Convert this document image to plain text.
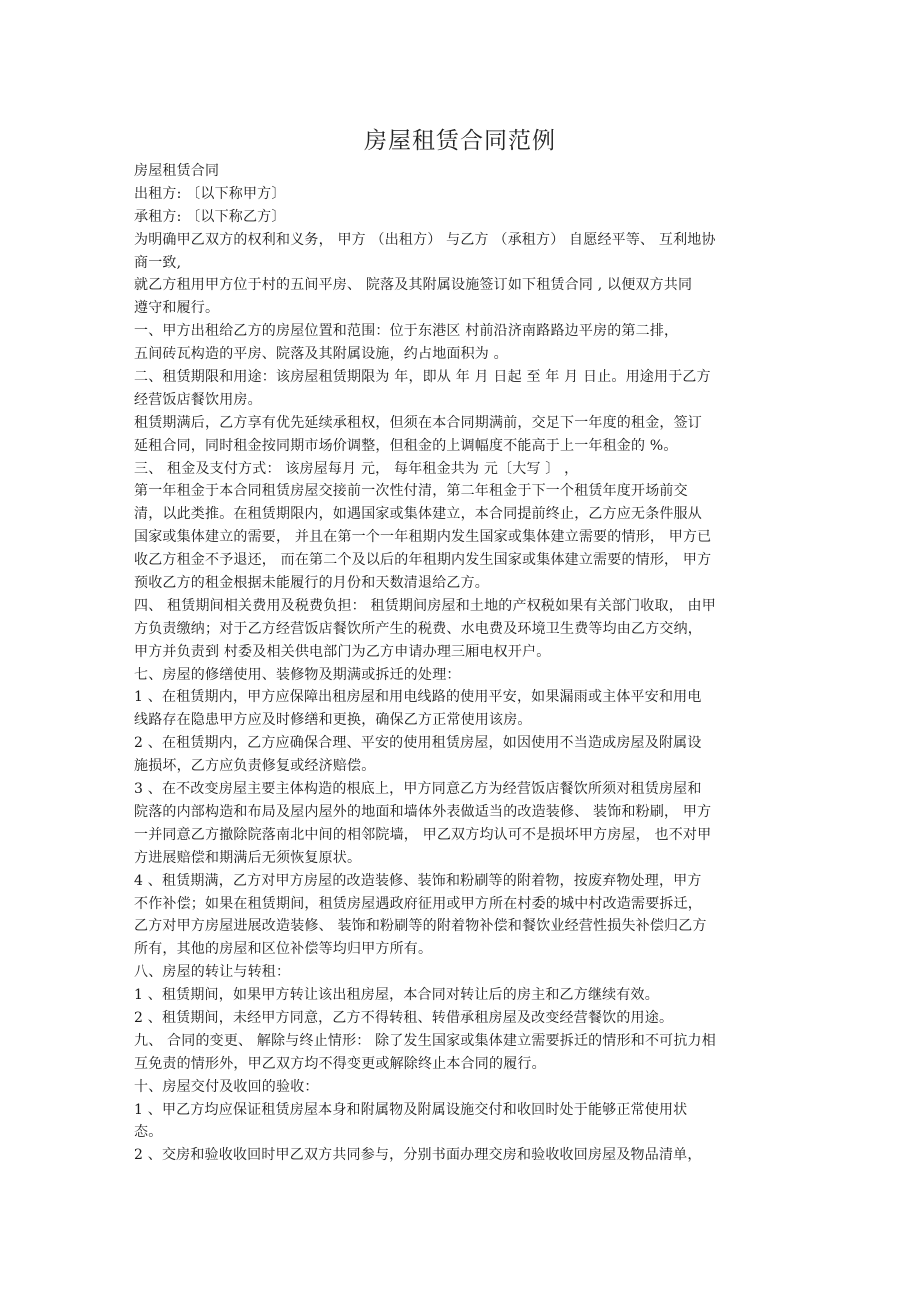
房屋租赁合同范例
房屋租赁合同
出租方: 〔以下称甲方〕
承租方: 〔以下称乙方〕
为明确甲乙双方的权利和义务， 甲方 （出租方） 与乙方 （承租方） 自愿经平等、 互利地协
商一致,
就乙方租用甲方位于村的五间平房、 院落及其附属设施签订如下租赁合同 , 以便双方共同
遵守和履行。
一、甲方出租给乙方的房屋位置和范围：位于东港区 村前沿济南路路边平房的第二排，
五间砖瓦构造的平房、院落及其附属设施，约占地面积为 。
二、租赁期限和用途：该房屋租赁期限为 年，即从 年 月 日起 至 年 月 日止。用途用于乙方
经营饭店餐饮用房。
租赁期满后，乙方享有优先延续承租权，但须在本合同期满前，交足下一年度的租金，签订
延租合同，同时租金按同期市场价调整，但租金的上调幅度不能高于上一年租金的 %。
三、 租金及支付方式： 该房屋每月 元， 每年租金共为 元〔大写 〕 ，
第一年租金于本合同租赁房屋交接前一次性付清，第二年租金于下一个租赁年度开场前交
清，以此类推。在租赁期限内，如遇国家或集体建立，本合同提前终止，乙方应无条件服从
国家或集体建立的需要， 并且在第一个一年租期内发生国家或集体建立需要的情形， 甲方已
收乙方租金不予退还， 而在第二个及以后的年租期内发生国家或集体建立需要的情形， 甲方
预收乙方的租金根据未能履行的月份和天数清退给乙方。
四、 租赁期间相关费用及税费负担： 租赁期间房屋和土地的产权税如果有关部门收取， 由甲
方负责缴纳；对于乙方经营饭店餐饮所产生的税费、水电费及环境卫生费等均由乙方交纳，
甲方并负责到 村委及相关供电部门为乙方申请办理三厢电权开户。
七、房屋的修缮使用、装修物及期满或拆迁的处理：
1 、在租赁期内，甲方应保障出租房屋和用电线路的使用平安，如果漏雨或主体平安和用电
线路存在隐患甲方应及时修缮和更换，确保乙方正常使用该房。
2 、在租赁期内，乙方应确保合理、平安的使用租赁房屋，如因使用不当造成房屋及附属设
施损坏，乙方应负责修复或经济赔偿。
3 、在不改变房屋主要主体构造的根底上，甲方同意乙方为经营饭店餐饮所须对租赁房屋和
院落的内部构造和布局及屋内屋外的地面和墙体外表做适当的改造装修、 装饰和粉刷， 甲方
一并同意乙方撤除院落南北中间的相邻院墙， 甲乙双方均认可不是损坏甲方房屋， 也不对甲
方进展赔偿和期满后无须恢复原状。
4 、租赁期满，乙方对甲方房屋的改造装修、装饰和粉刷等的附着物，按废弃物处理，甲方
不作补偿；如果在租赁期间，租赁房屋遇政府征用或甲方所在村委的城中村改造需要拆迁，
乙方对甲方房屋进展改造装修、 装饰和粉刷等的附着物补偿和餐饮业经营性损失补偿归乙方
所有，其他的房屋和区位补偿等均归甲方所有。
八、房屋的转让与转租：
1 、租赁期间，如果甲方转让该出租房屋，本合同对转让后的房主和乙方继续有效。
2 、租赁期间，未经甲方同意，乙方不得转租、转借承租房屋及改变经营餐饮的用途。
九、 合同的变更、 解除与终止情形： 除了发生国家或集体建立需要拆迁的情形和不可抗力相
互免责的情形外，甲乙双方均不得变更或解除终止本合同的履行。
十、房屋交付及收回的验收：
1 、甲乙方均应保证租赁房屋本身和附属物及附属设施交付和收回时处于能够正常使用状
态。
2 、交房和验收收回时甲乙双方共同参与，分别书面办理交房和验收收回房屋及物品清单，
